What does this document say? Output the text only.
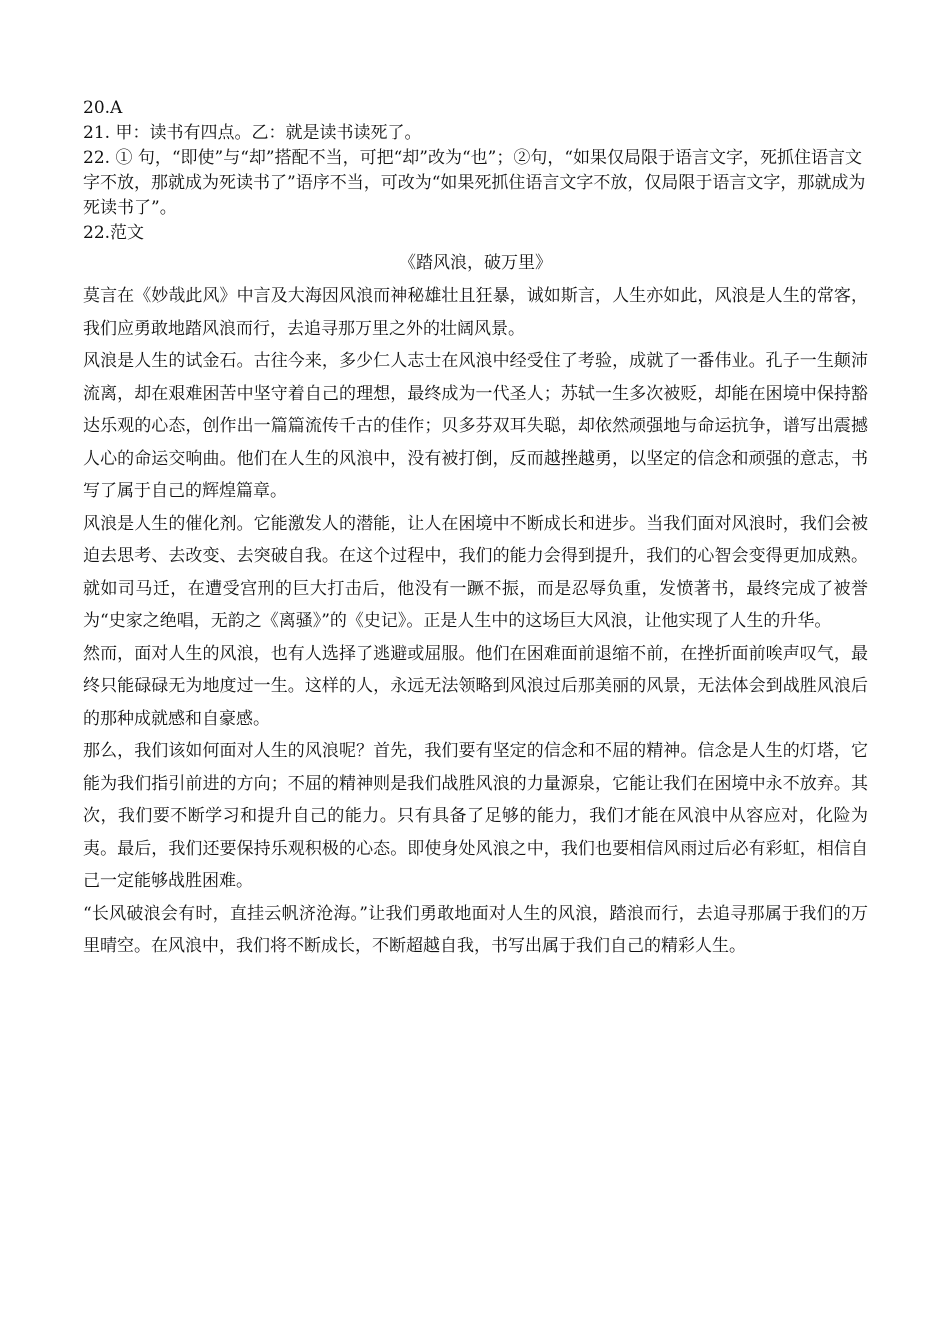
20.A

21. 甲：读书有四点。乙：就是读书读死了。

22. ① 句，“即使”与“却”搭配不当，可把“却”改为“也”；②句，“如果仅局限于语言文字，死抓住语言文字不放，那就成为死读书了”语序不当，可改为“如果死抓住语言文字不放，仅局限于语言文字，那就成为死读书了”。

22.范文

《踏风浪，破万里》

莫言在《妙哉此风》中言及大海因风浪而神秘雄壮且狂暴，诚如斯言，人生亦如此，风浪是人生的常客，我们应勇敢地踏风浪而行，去追寻那万里之外的壮阔风景。

风浪是人生的试金石。古往今来，多少仁人志士在风浪中经受住了考验，成就了一番伟业。孔子一生颠沛流离，却在艰难困苦中坚守着自己的理想，最终成为一代圣人；苏轼一生多次被贬，却能在困境中保持豁达乐观的心态，创作出一篇篇流传千古的佳作；贝多芬双耳失聪，却依然顽强地与命运抗争，谱写出震撼人心的命运交响曲。他们在人生的风浪中，没有被打倒，反而越挫越勇，以坚定的信念和顽强的意志，书写了属于自己的辉煌篇章。

风浪是人生的催化剂。它能激发人的潜能，让人在困境中不断成长和进步。当我们面对风浪时，我们会被迫去思考、去改变、去突破自我。在这个过程中，我们的能力会得到提升，我们的心智会变得更加成熟。就如司马迁，在遭受宫刑的巨大打击后，他没有一蹶不振，而是忍辱负重，发愤著书，最终完成了被誉为“史家之绝唱，无韵之《离骚》”的《史记》。正是人生中的这场巨大风浪，让他实现了人生的升华。

然而，面对人生的风浪，也有人选择了逃避或屈服。他们在困难面前退缩不前，在挫折面前唉声叹气，最终只能碌碌无为地度过一生。这样的人，永远无法领略到风浪过后那美丽的风景，无法体会到战胜风浪后的那种成就感和自豪感。

那么，我们该如何面对人生的风浪呢？首先，我们要有坚定的信念和不屈的精神。信念是人生的灯塔，它能为我们指引前进的方向；不屈的精神则是我们战胜风浪的力量源泉，它能让我们在困境中永不放弃。其次，我们要不断学习和提升自己的能力。只有具备了足够的能力，我们才能在风浪中从容应对，化险为夷。最后，我们还要保持乐观积极的心态。即使身处风浪之中，我们也要相信风雨过后必有彩虹，相信自己一定能够战胜困难。

“长风破浪会有时，直挂云帆济沧海。”让我们勇敢地面对人生的风浪，踏浪而行，去追寻那属于我们的万里晴空。在风浪中，我们将不断成长，不断超越自我，书写出属于我们自己的精彩人生。
